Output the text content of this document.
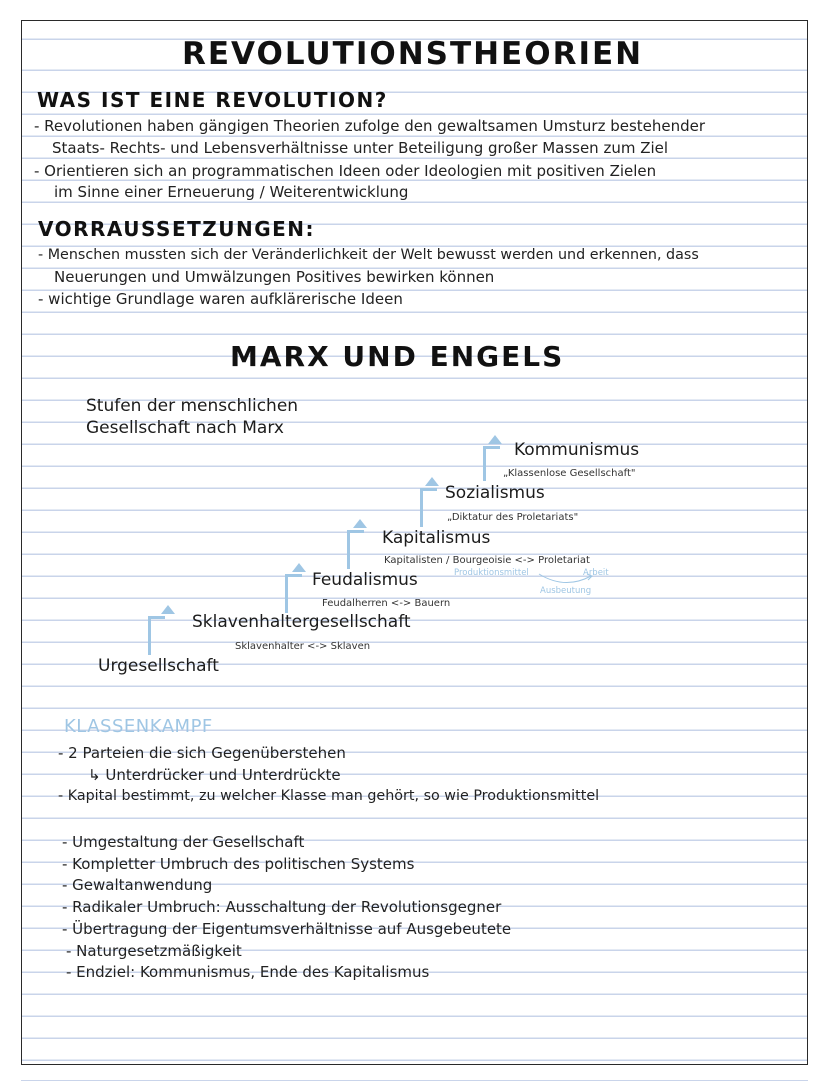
REVOLUTIONSTHEORIEN
WAS IST EINE REVOLUTION?
- Revolutionen haben gängigen Theorien zufolge den gewaltsamen Umsturz bestehender
Staats- Rechts- und Lebensverhältnisse unter Beteiligung großer Massen zum Ziel
- Orientieren sich an programmatischen Ideen oder Ideologien mit positiven Zielen
im Sinne einer Erneuerung / Weiterentwicklung
VORRAUSSETZUNGEN:
- Menschen mussten sich der Veränderlichkeit der Welt bewusst werden und erkennen, dass
Neuerungen und Umwälzungen Positives bewirken können
- wichtige Grundlage waren aufklärerische Ideen
MARX UND ENGELS
Stufen der menschlichen
Gesellschaft nach Marx
Urgesellschaft
Sklavenhaltergesellschaft
Sklavenhalter <-> Sklaven
Feudalismus
Feudalherren <-> Bauern
Kapitalismus
Kapitalisten / Bourgeoisie <-> Proletariat
Produktionsmittel	Arbeit
Ausbeutung
Sozialismus
„Diktatur des Proletariats"
Kommunismus
„Klassenlose Gesellschaft"
KLASSENKAMPF
- 2 Parteien die sich Gegenüberstehen
↳ Unterdrücker und Unterdrückte
- Kapital bestimmt, zu welcher Klasse man gehört, so wie Produktionsmittel
- Umgestaltung der Gesellschaft
- Kompletter Umbruch des politischen Systems
- Gewaltanwendung
- Radikaler Umbruch: Ausschaltung der Revolutionsgegner
- Übertragung der Eigentumsverhältnisse auf Ausgebeutete
- Naturgesetzmäßigkeit
- Endziel: Kommunismus, Ende des Kapitalismus
